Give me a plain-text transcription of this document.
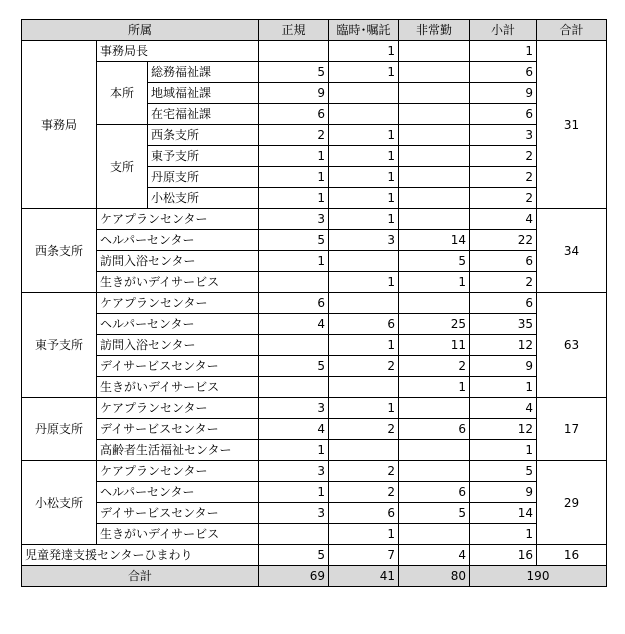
所属			正規	臨時･嘱託	非常勤	小計	合計
事務局	事務局長			1		1	31
	本所	総務福祉課	5	1		6	
		地域福祉課	9			9	
		在宅福祉課	6			6	
	支所	西条支所	2	1		3	
		東予支所	1	1		2	
		丹原支所	1	1		2	
		小松支所	1	1		2	
西条支所	ケアプランセンター		3	1		4	34
	ヘルパーセンター		5	3	14	22	
	訪問入浴センター		1		5	6	
	生きがいデイサービス			1	1	2	
東予支所	ケアプランセンター		6			6	63
	ヘルパーセンター		4	6	25	35	
	訪問入浴センター			1	11	12	
	デイサービスセンター		5	2	2	9	
	生きがいデイサービス				1	1	
丹原支所	ケアプランセンター		3	1		4	17
	デイサービスセンター		4	2	6	12	
	高齢者生活福祉センター		1			1	
小松支所	ケアプランセンター		3	2		5	29
	ヘルパーセンター		1	2	6	9	
	デイサービスセンター		3	6	5	14	
	生きがいデイサービス			1		1	
児童発達支援センターひまわり			5	7	4	16	16
合計			69	41	80	190	
